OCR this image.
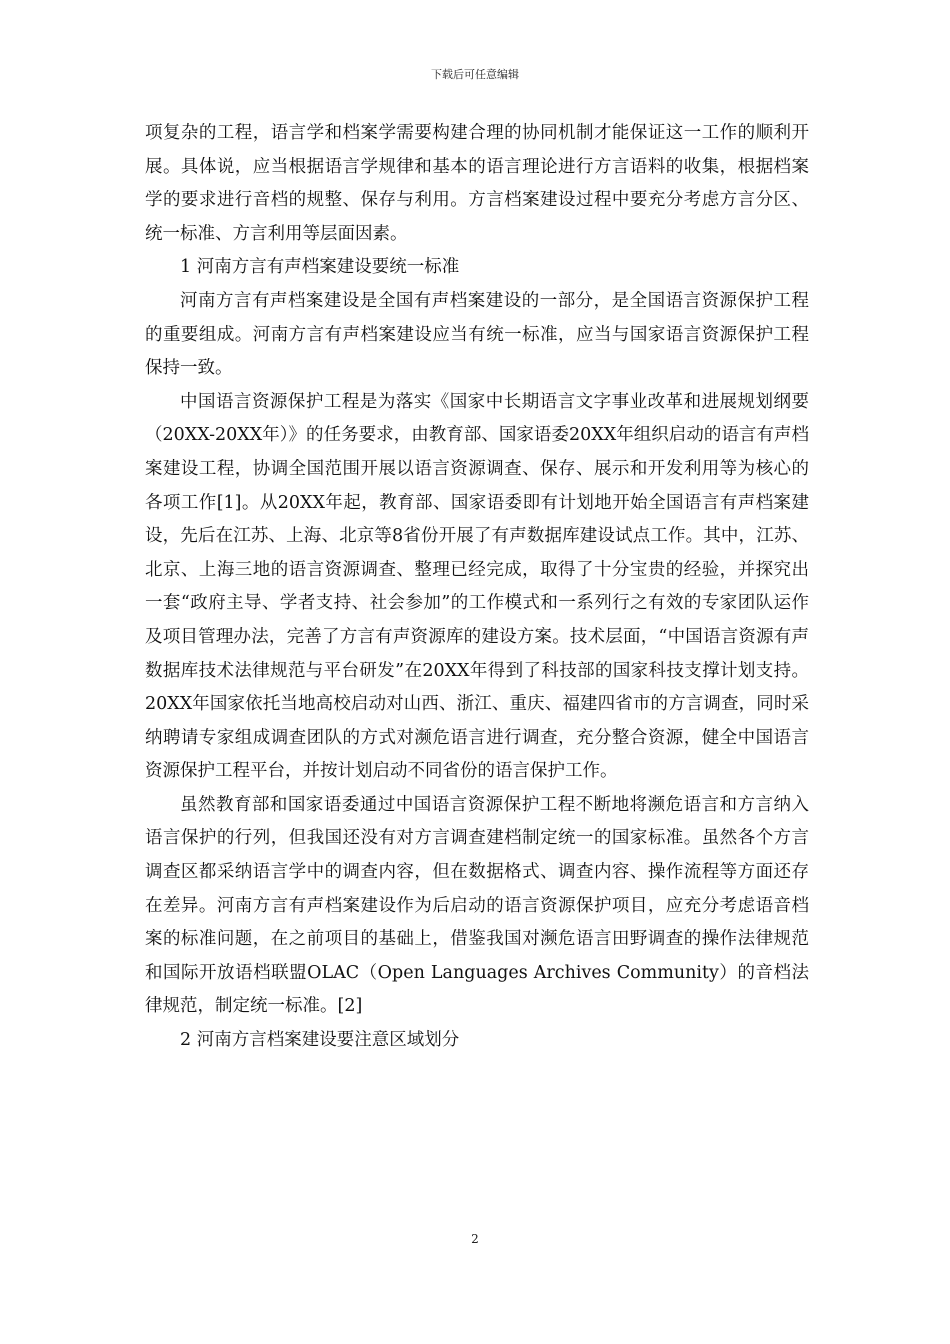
下载后可任意编辑

项复杂的工程，语言学和档案学需要构建合理的协同机制才能保证这一工作的顺利开展。具体说，应当根据语言学规律和基本的语言理论进行方言语料的收集，根据档案学的要求进行音档的规整、保存与利用。方言档案建设过程中要充分考虑方言分区、统一标准、方言利用等层面因素。

1 河南方言有声档案建设要统一标准

河南方言有声档案建设是全国有声档案建设的一部分，是全国语言资源保护工程的重要组成。河南方言有声档案建设应当有统一标准，应当与国家语言资源保护工程保持一致。

中国语言资源保护工程是为落实《国家中长期语言文字事业改革和进展规划纲要（20XX-20XX年）》的任务要求，由教育部、国家语委20XX年组织启动的语言有声档案建设工程，协调全国范围开展以语言资源调查、保存、展示和开发利用等为核心的各项工作[1]。从20XX年起，教育部、国家语委即有计划地开始全国语言有声档案建设，先后在江苏、上海、北京等8省份开展了有声数据库建设试点工作。其中，江苏、北京、上海三地的语言资源调查、整理已经完成，取得了十分宝贵的经验，并探究出一套“政府主导、学者支持、社会参加”的工作模式和一系列行之有效的专家团队运作及项目管理办法，完善了方言有声资源库的建设方案。技术层面，“中国语言资源有声数据库技术法律规范与平台研发”在20XX年得到了科技部的国家科技支撑计划支持。20XX年国家依托当地高校启动对山西、浙江、重庆、福建四省市的方言调查，同时采纳聘请专家组成调查团队的方式对濒危语言进行调查，充分整合资源，健全中国语言资源保护工程平台，并按计划启动不同省份的语言保护工作。

虽然教育部和国家语委通过中国语言资源保护工程不断地将濒危语言和方言纳入语言保护的行列，但我国还没有对方言调查建档制定统一的国家标准。虽然各个方言调查区都采纳语言学中的调查内容，但在数据格式、调查内容、操作流程等方面还存在差异。河南方言有声档案建设作为后启动的语言资源保护项目，应充分考虑语音档案的标准问题，在之前项目的基础上，借鉴我国对濒危语言田野调查的操作法律规范和国际开放语档联盟OLAC（Open Languages Archives Community）的音档法律规范，制定统一标准。[2]

2 河南方言档案建设要注意区域划分

2
